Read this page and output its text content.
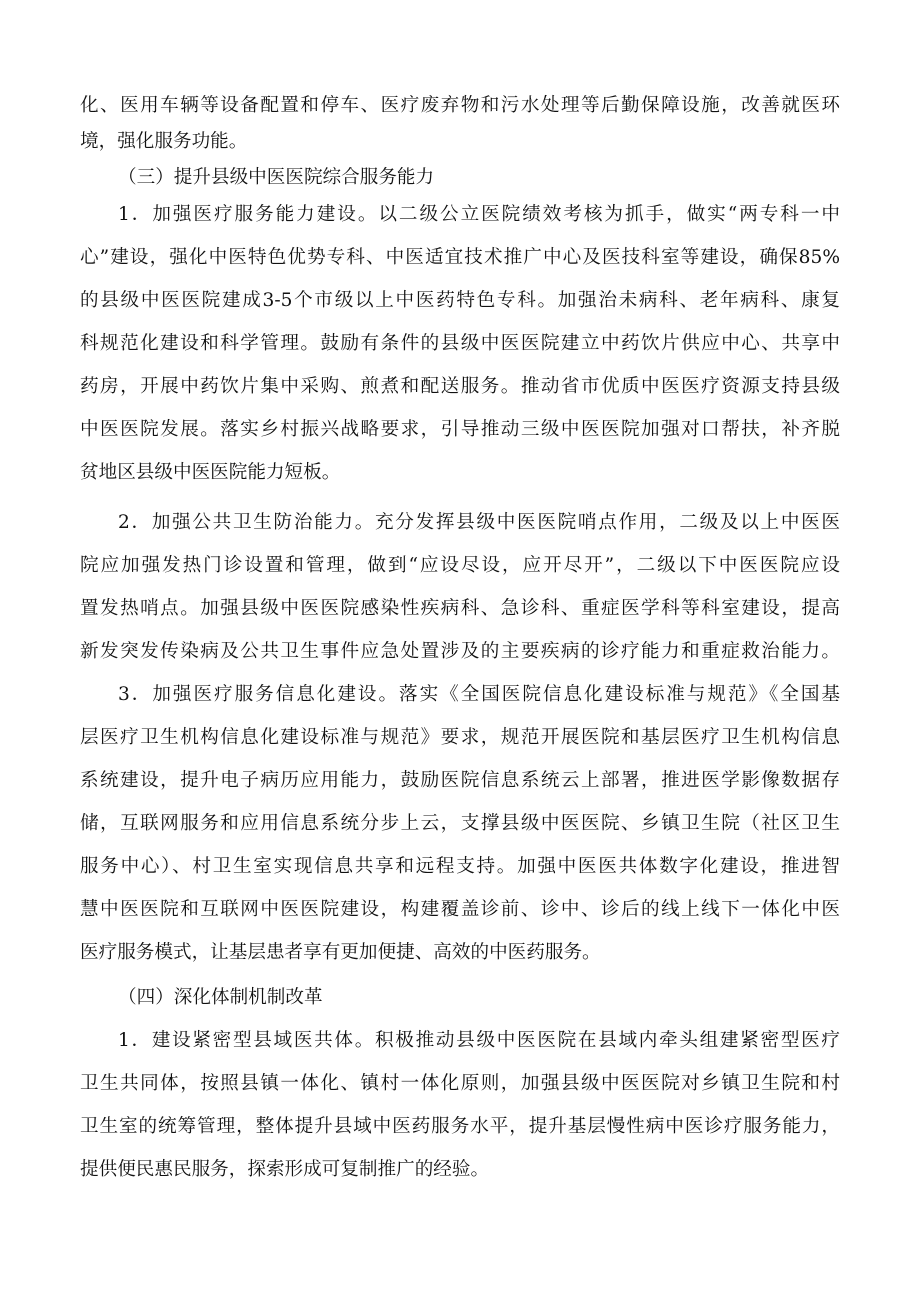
化、医用车辆等设备配置和停车、医疗废弃物和污水处理等后勤保障设施，改善就医环
境，强化服务功能。
（三）提升县级中医医院综合服务能力
1．加强医疗服务能力建设。以二级公立医院绩效考核为抓手，做实“两专科一中
心”建设，强化中医特色优势专科、中医适宜技术推广中心及医技科室等建设，确保85%
的县级中医医院建成3-5个市级以上中医药特色专科。加强治未病科、老年病科、康复
科规范化建设和科学管理。鼓励有条件的县级中医医院建立中药饮片供应中心、共享中
药房，开展中药饮片集中采购、煎煮和配送服务。推动省市优质中医医疗资源支持县级
中医医院发展。落实乡村振兴战略要求，引导推动三级中医医院加强对口帮扶，补齐脱
贫地区县级中医医院能力短板。
2．加强公共卫生防治能力。充分发挥县级中医医院哨点作用，二级及以上中医医
院应加强发热门诊设置和管理，做到“应设尽设，应开尽开”，二级以下中医医院应设
置发热哨点。加强县级中医医院感染性疾病科、急诊科、重症医学科等科室建设，提高
新发突发传染病及公共卫生事件应急处置涉及的主要疾病的诊疗能力和重症救治能力。
3．加强医疗服务信息化建设。落实《全国医院信息化建设标准与规范》《全国基
层医疗卫生机构信息化建设标准与规范》要求，规范开展医院和基层医疗卫生机构信息
系统建设，提升电子病历应用能力，鼓励医院信息系统云上部署，推进医学影像数据存
储，互联网服务和应用信息系统分步上云，支撑县级中医医院、乡镇卫生院（社区卫生
服务中心）、村卫生室实现信息共享和远程支持。加强中医医共体数字化建设，推进智
慧中医医院和互联网中医医院建设，构建覆盖诊前、诊中、诊后的线上线下一体化中医
医疗服务模式，让基层患者享有更加便捷、高效的中医药服务。
（四）深化体制机制改革
1．建设紧密型县域医共体。积极推动县级中医医院在县域内牵头组建紧密型医疗
卫生共同体，按照县镇一体化、镇村一体化原则，加强县级中医医院对乡镇卫生院和村
卫生室的统筹管理，整体提升县域中医药服务水平，提升基层慢性病中医诊疗服务能力，
提供便民惠民服务，探索形成可复制推广的经验。
